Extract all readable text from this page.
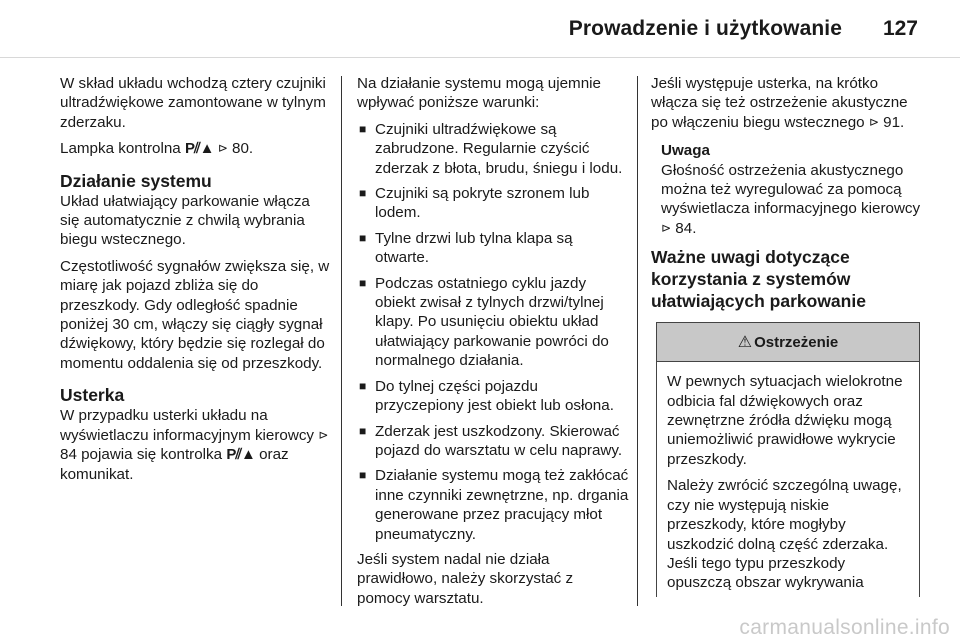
Prowadzenie i użytkowanie 127

W skład układu wchodzą cztery czujniki ultradźwiękowe zamontowane w tylnym zderzaku.

Lampka kontrolna P⫽▲ ⊳ 80.

Działanie systemu

Układ ułatwiający parkowanie włącza się automatycznie z chwilą wybrania biegu wstecznego.

Częstotliwość sygnałów zwiększa się, w miarę jak pojazd zbliża się do przeszkody. Gdy odległość spadnie poniżej 30 cm, włączy się ciągły sygnał dźwiękowy, który będzie się rozlegał do momentu oddalenia się od przeszkody.

Usterka

W przypadku usterki układu na wyświetlaczu informacyjnym kierowcy ⊳ 84 pojawia się kontrolka P⫽▲ oraz komunikat.

Na działanie systemu mogą ujemnie wpływać poniższe warunki:

■ Czujniki ultradźwiękowe są zabrudzone. Regularnie czyścić zderzak z błota, brudu, śniegu i lodu.
■ Czujniki są pokryte szronem lub lodem.
■ Tylne drzwi lub tylna klapa są otwarte.
■ Podczas ostatniego cyklu jazdy obiekt zwisał z tylnych drzwi/tylnej klapy. Po usunięciu obiektu układ ułatwiający parkowanie powróci do normalnego działania.
■ Do tylnej części pojazdu przyczepiony jest obiekt lub osłona.
■ Zderzak jest uszkodzony. Skierować pojazd do warsztatu w celu naprawy.
■ Działanie systemu mogą też zakłócać inne czynniki zewnętrzne, np. drgania generowane przez pracujący młot pneumatyczny.

Jeśli system nadal nie działa prawidłowo, należy skorzystać z pomocy warsztatu.

Jeśli występuje usterka, na krótko włącza się też ostrzeżenie akustyczne po włączeniu biegu wstecznego ⊳ 91.

Uwaga
Głośność ostrzeżenia akustycznego można też wyregulować za pomocą wyświetlacza informacyjnego kierowcy ⊳ 84.
Ważne uwagi dotyczące korzystania z systemów ułatwiających parkowanie
⚠ Ostrzeżenie

W pewnych sytuacjach wielokrotne odbicia fal dźwiękowych oraz zewnętrzne źródła dźwięku mogą uniemożliwić prawidłowe wykrycie przeszkody.

Należy zwrócić szczególną uwagę, czy nie występują niskie przeszkody, które mogłyby uszkodzić dolną część zderzaka. Jeśli tego typu przeszkody opuszczą obszar wykrywania

carmanualsonline.info
